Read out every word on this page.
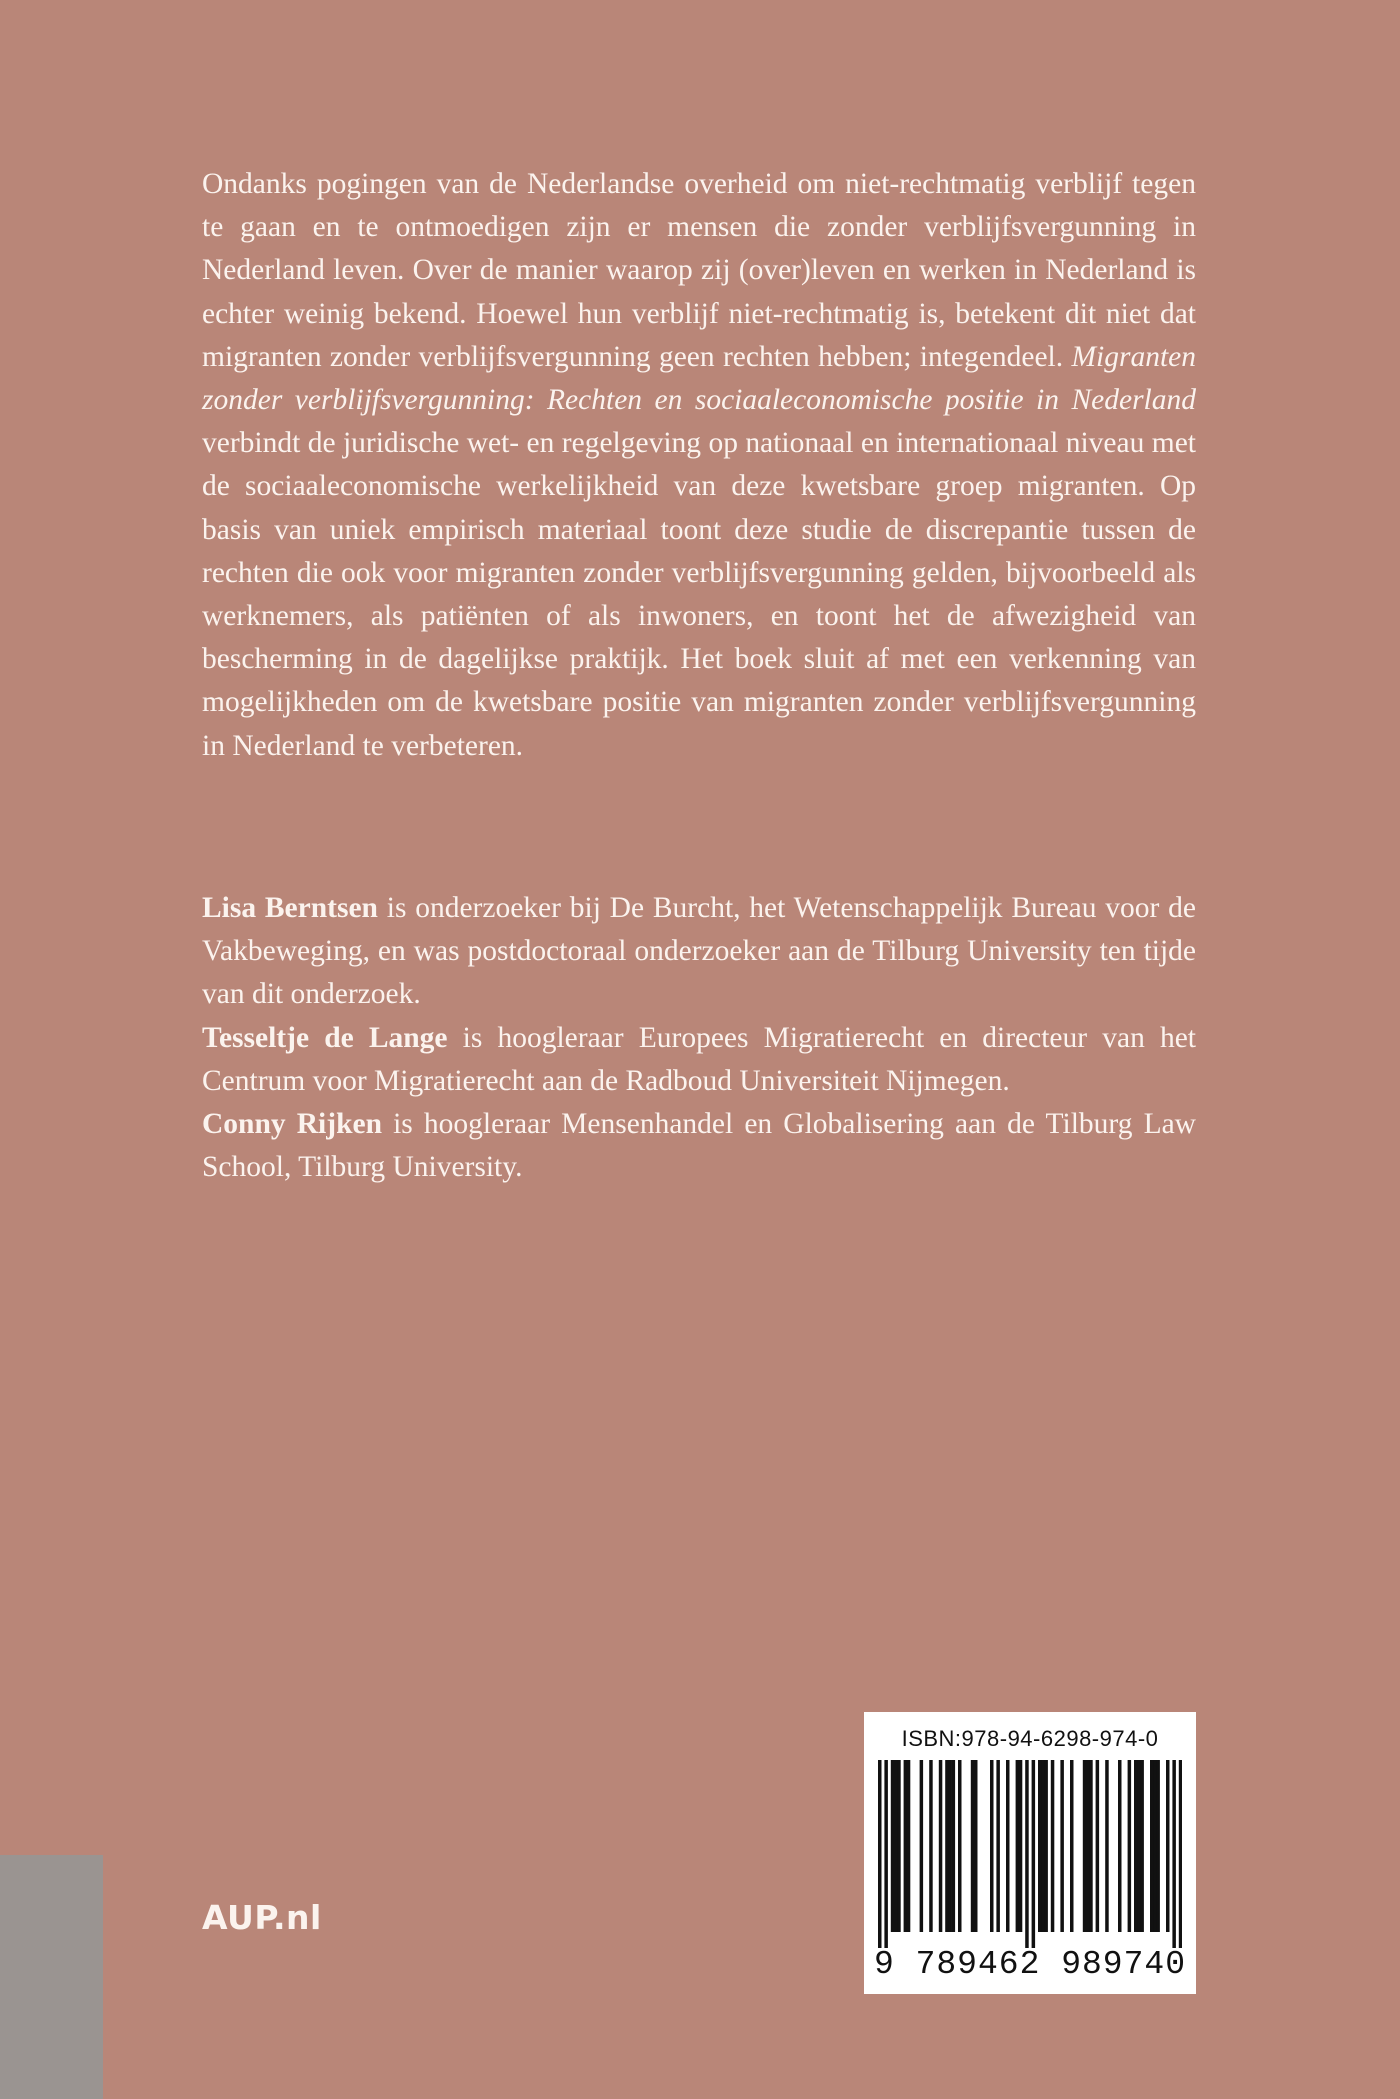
Ondanks pogingen van de Nederlandse overheid om niet-rechtmatig verblijf tegen te gaan en te ontmoedigen zijn er mensen die zonder verblijfsvergunning in Nederland leven. Over de manier waarop zij (over)leven en werken in Nederland is echter weinig bekend. Hoewel hun verblijf niet-rechtmatig is, betekent dit niet dat migranten zonder verblijfsvergunning geen rechten hebben; integendeel. Migranten zonder verblijfsvergunning: Rechten en sociaaleconomische positie in Nederland verbindt de juridische wet- en regelgeving op nationaal en internationaal niveau met de sociaaleconomische werkelijkheid van deze kwetsbare groep migranten. Op basis van uniek empirisch materiaal toont deze studie de discrepantie tussen de rechten die ook voor migranten zonder verblijfsvergunning gelden, bijvoorbeeld als werknemers, als patiënten of als inwoners, en toont het de afwezigheid van bescherming in de dagelijkse praktijk. Het boek sluit af met een verkenning van mogelijkheden om de kwetsbare positie van migranten zonder verblijfsvergunning in Nederland te verbeteren.

Lisa Berntsen is onderzoeker bij De Burcht, het Wetenschappelijk Bureau voor de Vakbeweging, en was postdoctoraal onderzoeker aan de Tilburg University ten tijde van dit onderzoek.

Tesseltje de Lange is hoogleraar Europees Migratierecht en directeur van het Centrum voor Migratierecht aan de Radboud Universiteit Nijmegen.

Conny Rijken is hoogleraar Mensenhandel en Globalisering aan de Tilburg Law School, Tilburg University.

AUP.nl
ISBN:978-94-6298-974-0
9 789462 989740
